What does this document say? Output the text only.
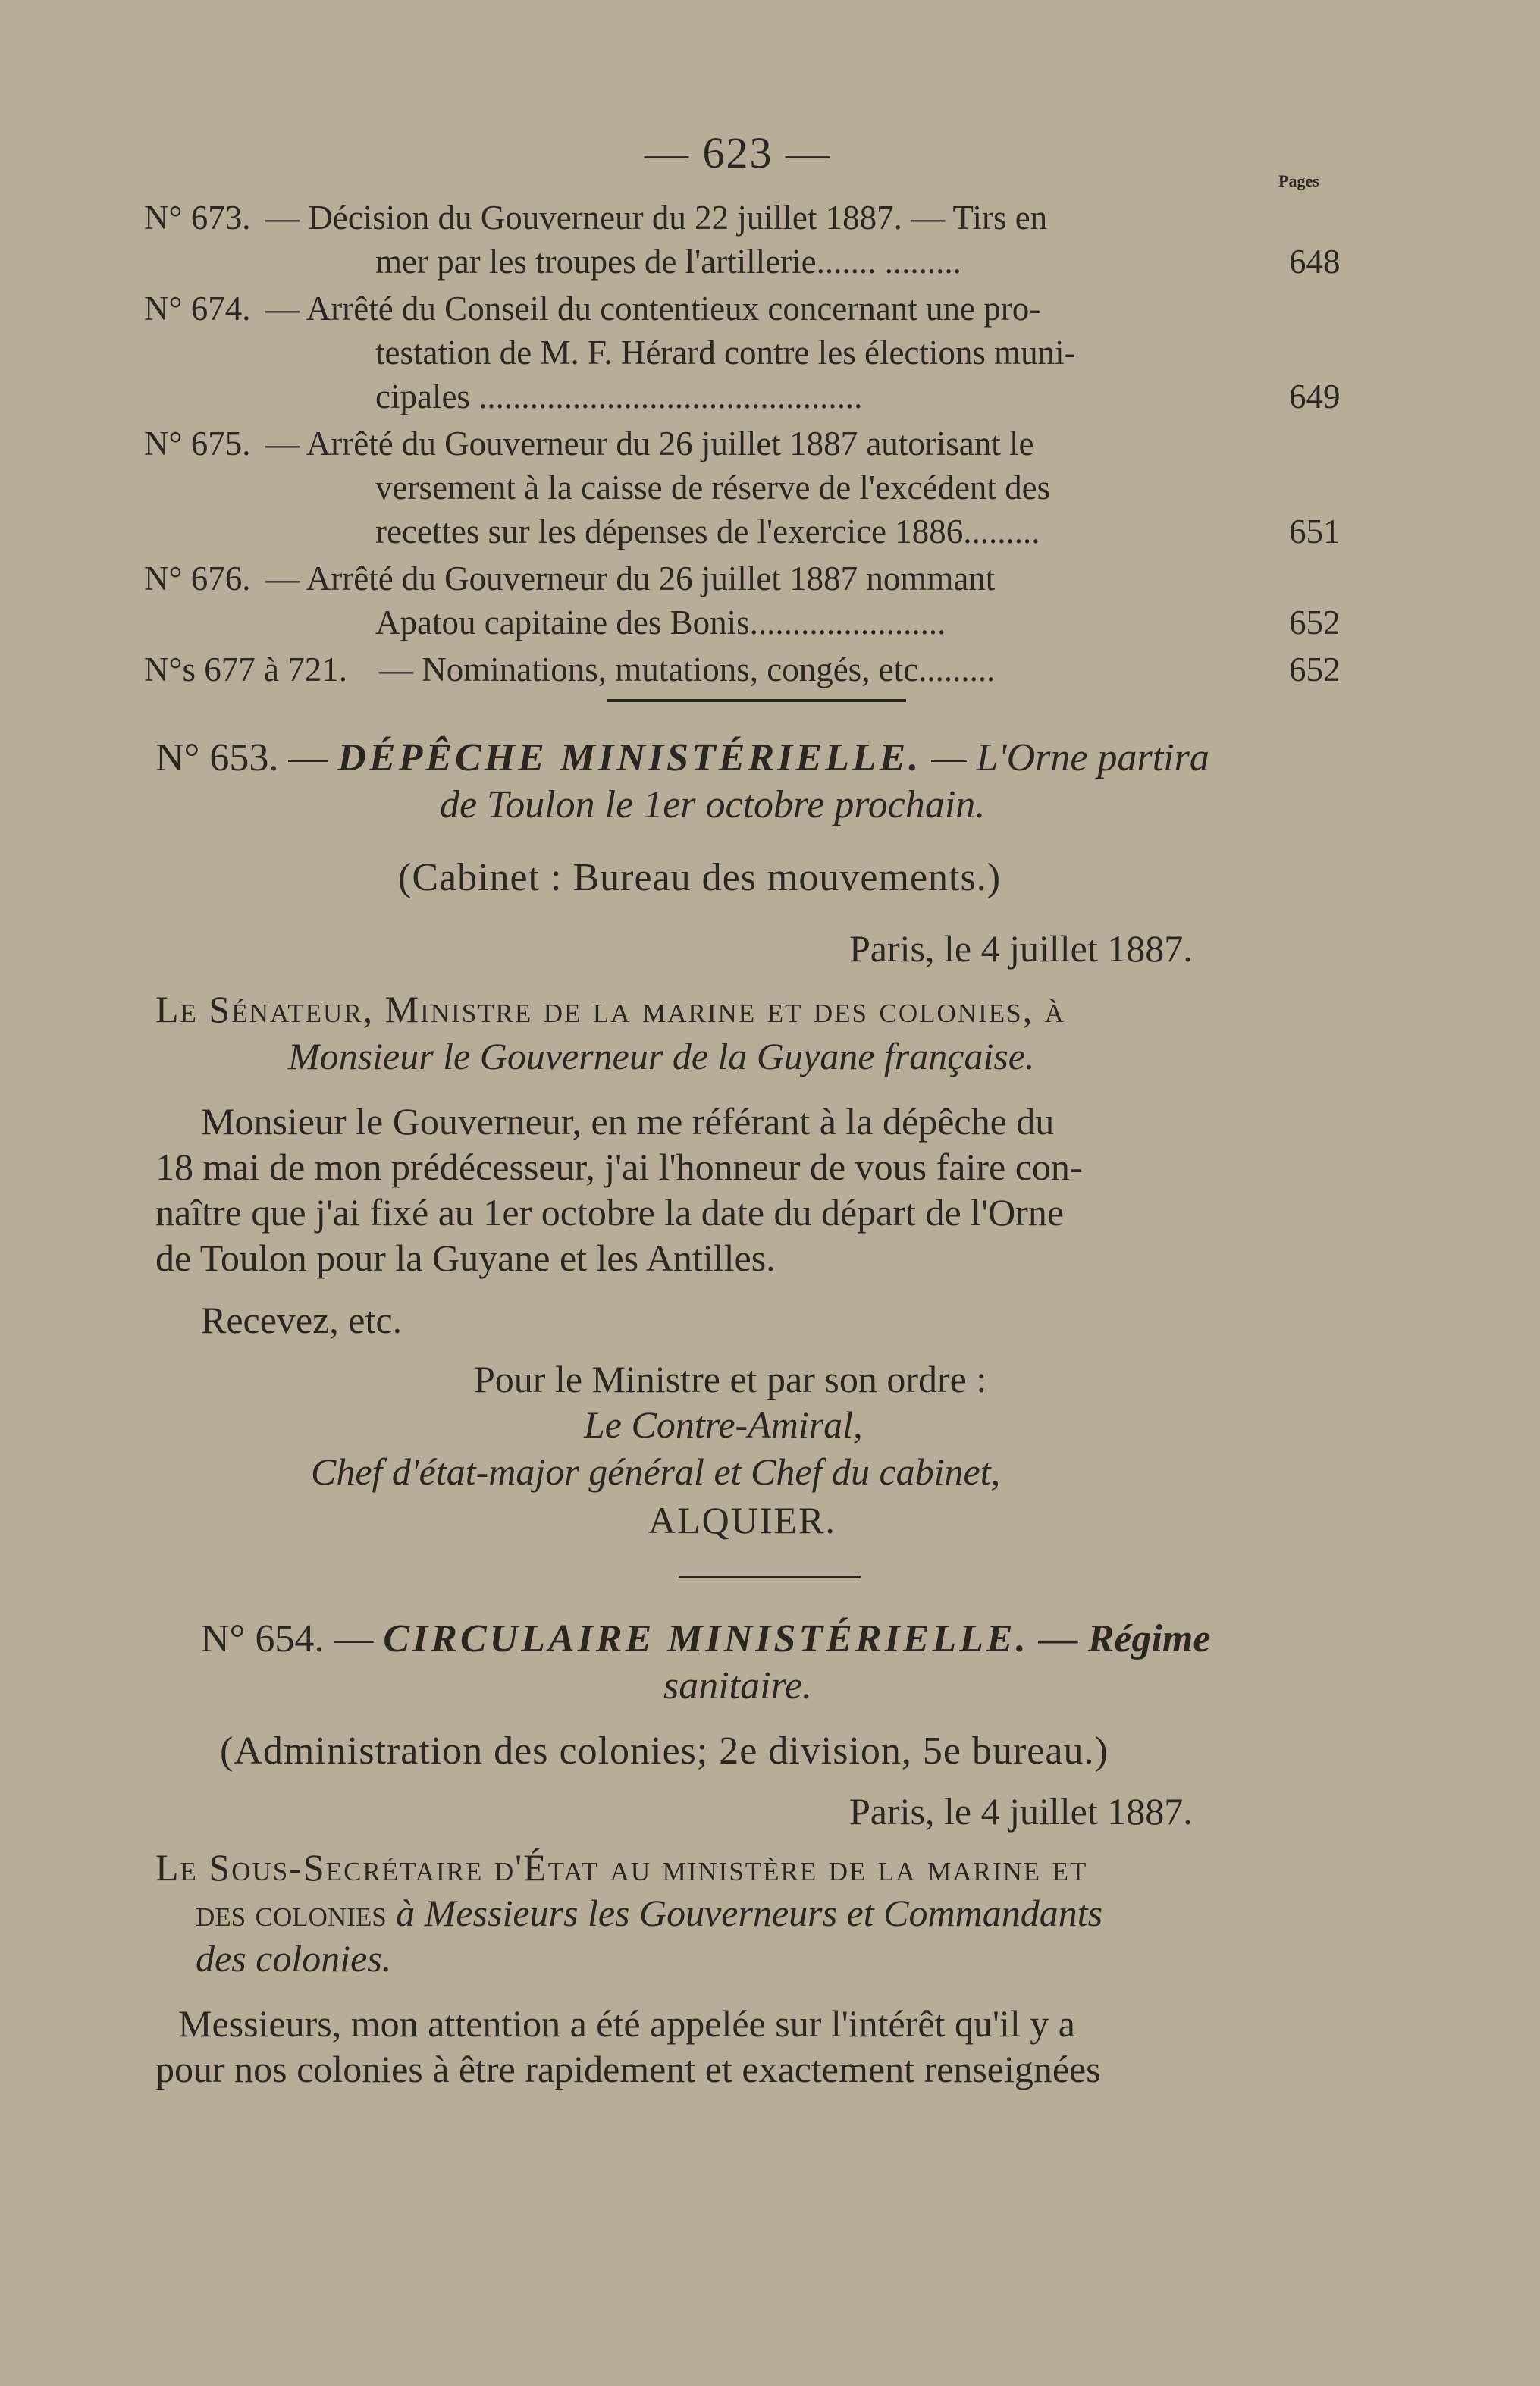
— 623 —
Pages
N° 673. — Décision du Gouverneur du 22 juillet 1887. — Tirs en
mer par les troupes de l'artillerie....... .........	648
N° 674. — Arrêté du Conseil du contentieux concernant une pro-
testation de M. F. Hérard contre les élections muni-
cipales .............................................	649
N° 675. — Arrêté du Gouverneur du 26 juillet 1887 autorisant le
versement à la caisse de réserve de l'excédent des
recettes sur les dépenses de l'exercice 1886.........	651
N° 676. — Arrêté du Gouverneur du 26 juillet 1887 nommant
Apatou capitaine des Bonis.......................	652
N°s 677 à 721. — Nominations, mutations, congés, etc.........	652
N° 653. — DÉPÊCHE MINISTÉRIELLE. — L'Orne partira
de Toulon le 1er octobre prochain.
(Cabinet : Bureau des mouvements.)
Paris, le 4 juillet 1887.
Le Sénateur, Ministre de la marine et des colonies, à
Monsieur le Gouverneur de la Guyane française.
Monsieur le Gouverneur, en me référant à la dépêche du
18 mai de mon prédécesseur, j'ai l'honneur de vous faire con-
naître que j'ai fixé au 1er octobre la date du départ de l'Orne
de Toulon pour la Guyane et les Antilles.
Recevez, etc.
Pour le Ministre et par son ordre :
Le Contre-Amiral,
Chef d'état-major général et Chef du cabinet,
ALQUIER.
N° 654. — CIRCULAIRE MINISTÉRIELLE. — Régime
sanitaire.
(Administration des colonies; 2e division, 5e bureau.)
Paris, le 4 juillet 1887.
Le Sous-Secrétaire d'État au ministère de la marine et
des colonies à Messieurs les Gouverneurs et Commandants
des colonies.
Messieurs, mon attention a été appelée sur l'intérêt qu'il y a
pour nos colonies à être rapidement et exactement renseignées
